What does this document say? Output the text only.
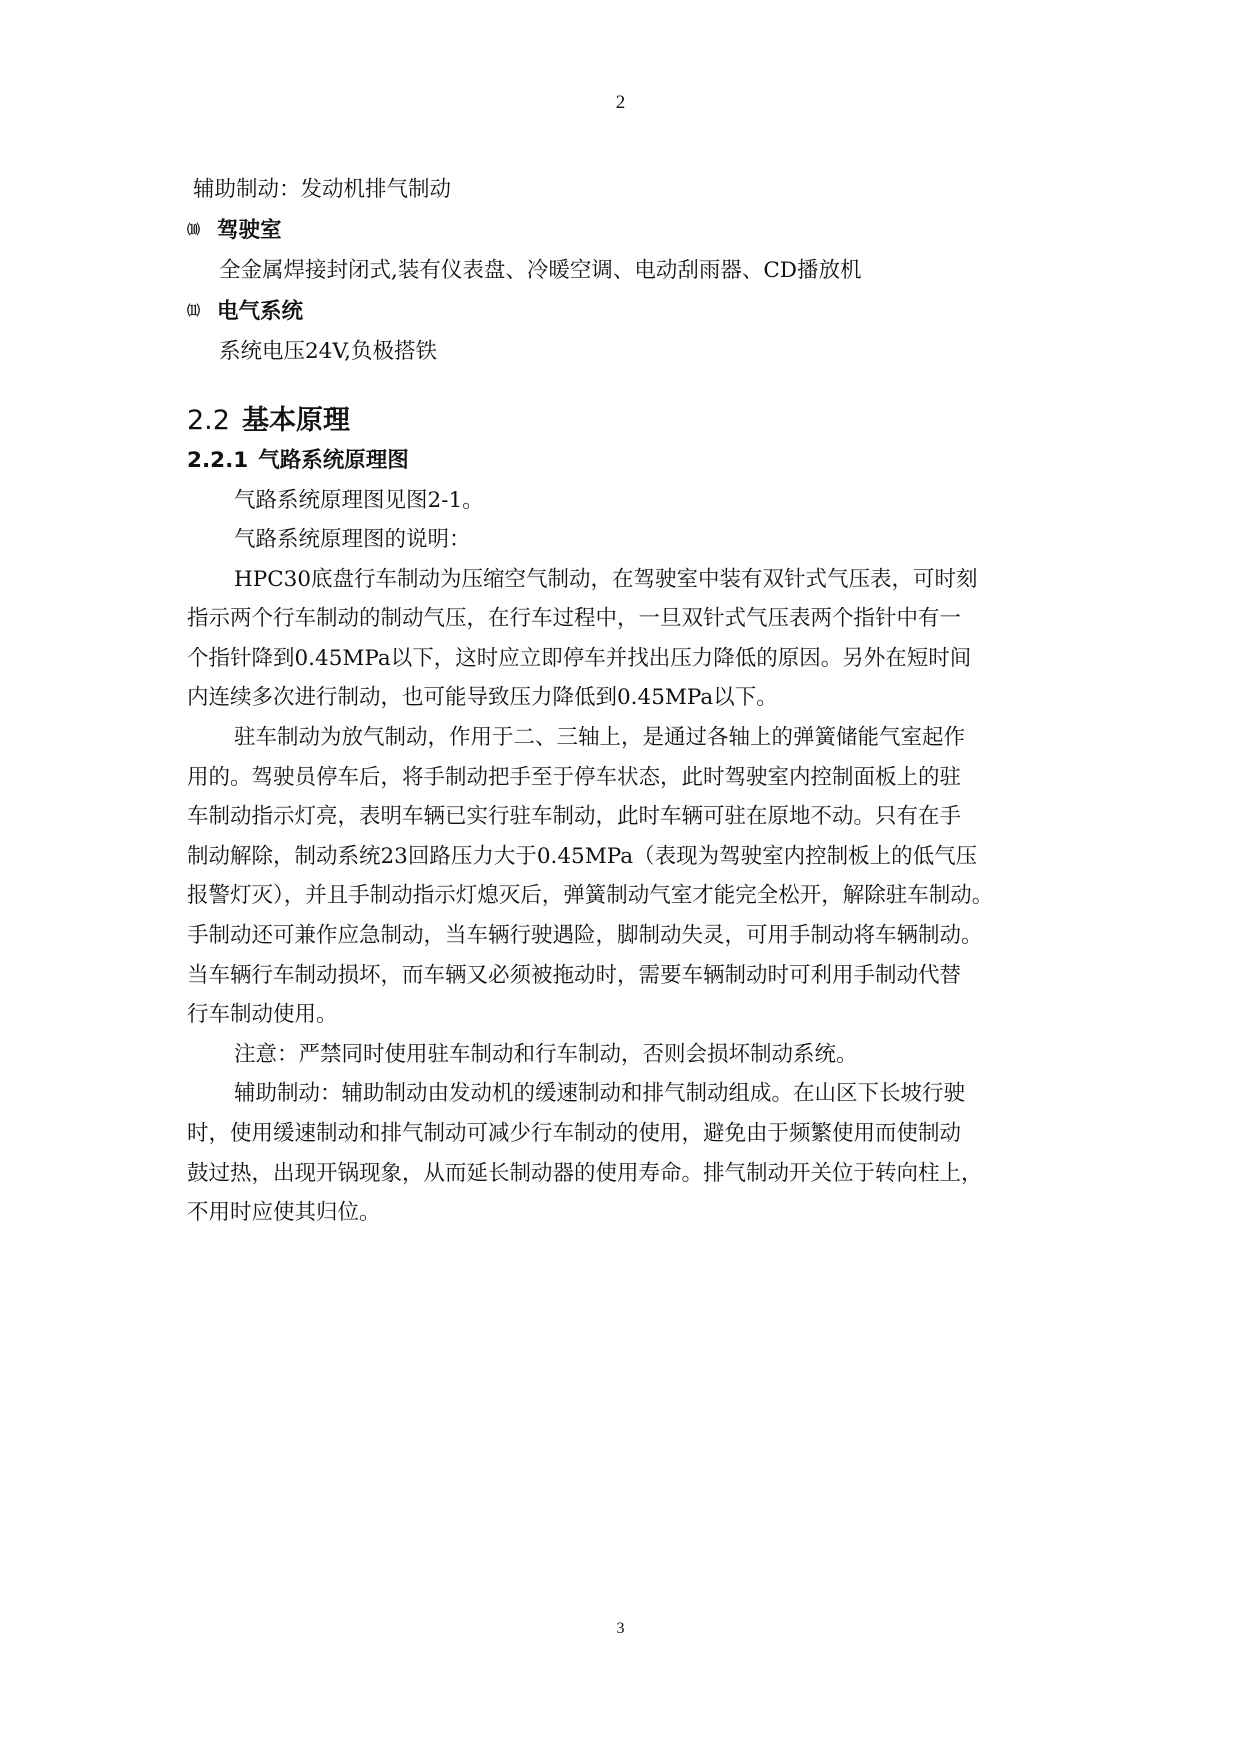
2
辅助制动：发动机排气制动
⑽ 驾驶室
全金属焊接封闭式,装有仪表盘、冷暖空调、电动刮雨器、CD播放机
⑾ 电气系统
系统电压24V,负极搭铁
2.2 基本原理
2.2.1 气路系统原理图
气路系统原理图见图2-1。
气路系统原理图的说明：
HPC30底盘行车制动为压缩空气制动，在驾驶室中装有双针式气压表，可时刻
指示两个行车制动的制动气压，在行车过程中，一旦双针式气压表两个指针中有一
个指针降到0.45MPa以下，这时应立即停车并找出压力降低的原因。另外在短时间
内连续多次进行制动，也可能导致压力降低到0.45MPa以下。
驻车制动为放气制动，作用于二、三轴上，是通过各轴上的弹簧储能气室起作
用的。驾驶员停车后，将手制动把手至于停车状态，此时驾驶室内控制面板上的驻
车制动指示灯亮，表明车辆已实行驻车制动，此时车辆可驻在原地不动。只有在手
制动解除，制动系统23回路压力大于0.45MPa（表现为驾驶室内控制板上的低气压
报警灯灭），并且手制动指示灯熄灭后，弹簧制动气室才能完全松开，解除驻车制动。
手制动还可兼作应急制动，当车辆行驶遇险，脚制动失灵，可用手制动将车辆制动。
当车辆行车制动损坏，而车辆又必须被拖动时，需要车辆制动时可利用手制动代替
行车制动使用。
注意：严禁同时使用驻车制动和行车制动，否则会损坏制动系统。
辅助制动：辅助制动由发动机的缓速制动和排气制动组成。在山区下长坡行驶
时，使用缓速制动和排气制动可减少行车制动的使用，避免由于频繁使用而使制动
鼓过热，出现开锅现象，从而延长制动器的使用寿命。排气制动开关位于转向柱上，
不用时应使其归位。
3
